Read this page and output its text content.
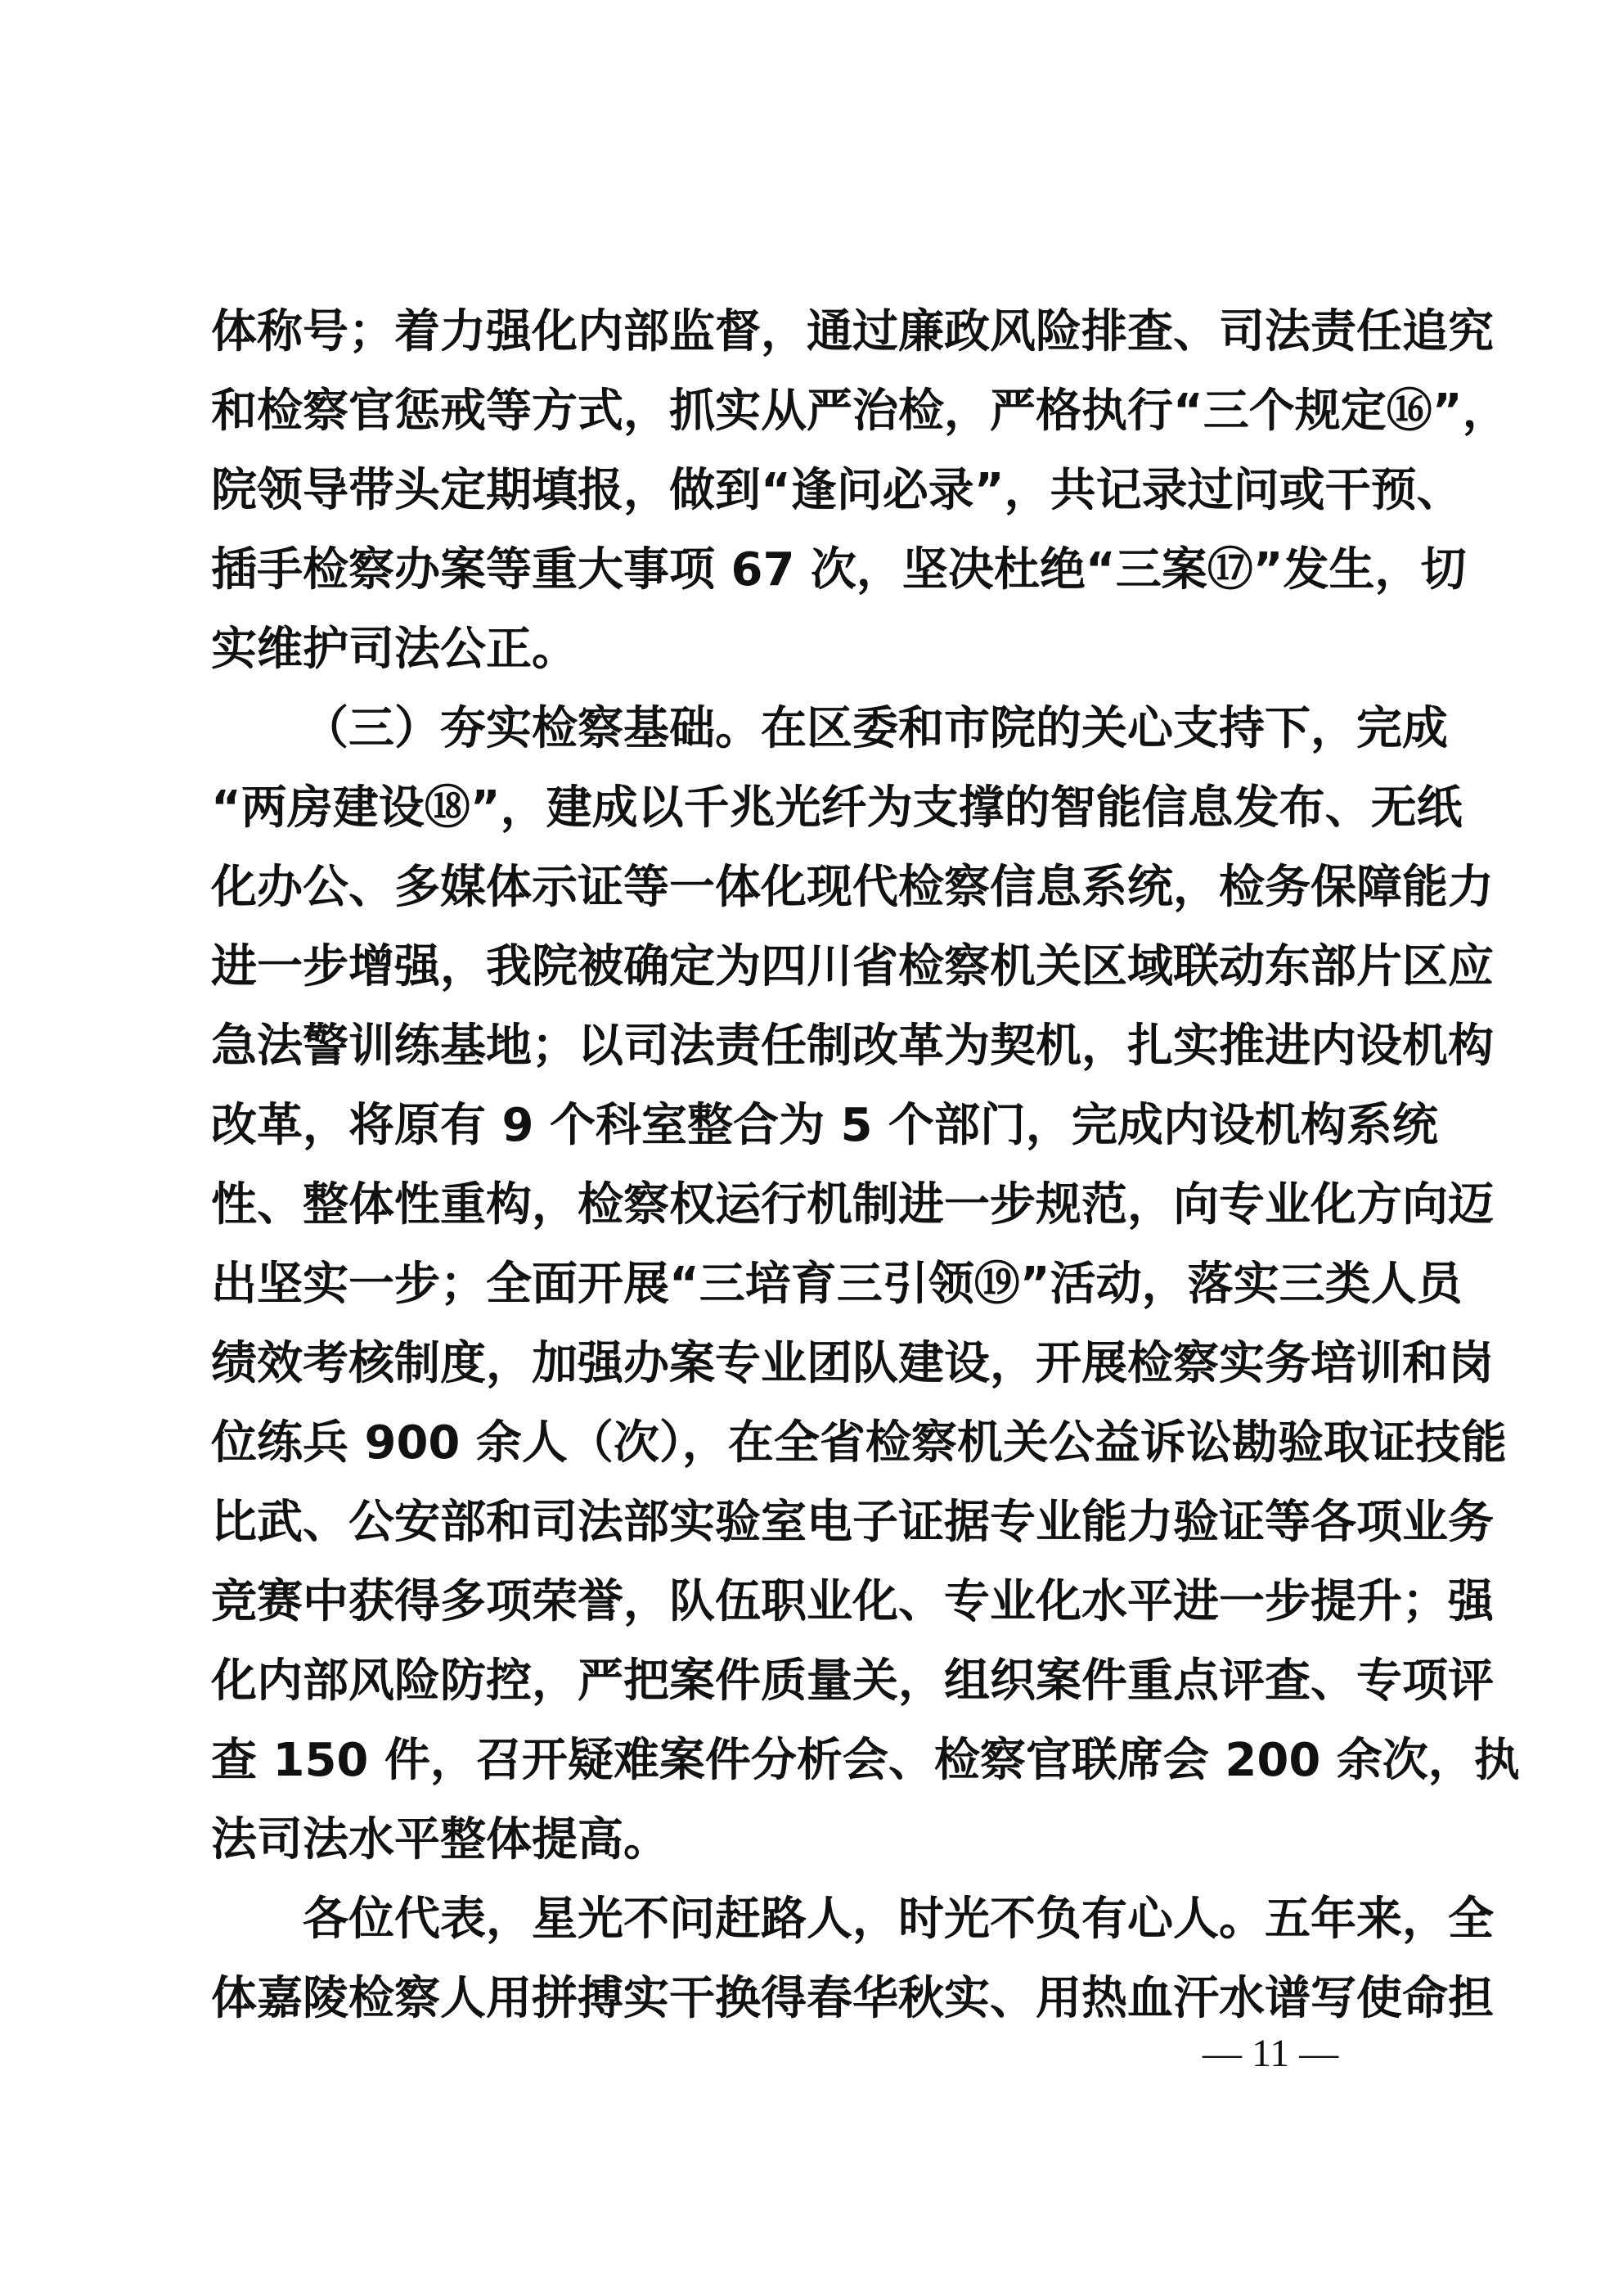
体称号；着力强化内部监督，通过廉政风险排查、司法责任追究
和检察官惩戒等方式，抓实从严治检，严格执行“三个规定⑯”，
院领导带头定期填报，做到“逢问必录”，共记录过问或干预、
插手检察办案等重大事项 67 次，坚决杜绝“三案⑰”发生，切
实维护司法公正。
（三）夯实检察基础。在区委和市院的关心支持下，完成
“两房建设⑱”，建成以千兆光纤为支撑的智能信息发布、无纸
化办公、多媒体示证等一体化现代检察信息系统，检务保障能力
进一步增强，我院被确定为四川省检察机关区域联动东部片区应
急法警训练基地；以司法责任制改革为契机，扎实推进内设机构
改革，将原有 9 个科室整合为 5 个部门，完成内设机构系统
性、整体性重构，检察权运行机制进一步规范，向专业化方向迈
出坚实一步；全面开展“三培育三引领⑲”活动，落实三类人员
绩效考核制度，加强办案专业团队建设，开展检察实务培训和岗
位练兵 900 余人（次），在全省检察机关公益诉讼勘验取证技能
比武、公安部和司法部实验室电子证据专业能力验证等各项业务
竞赛中获得多项荣誉，队伍职业化、专业化水平进一步提升；强
化内部风险防控，严把案件质量关，组织案件重点评查、专项评
查 150 件，召开疑难案件分析会、检察官联席会 200 余次，执
法司法水平整体提高。
各位代表，星光不问赶路人，时光不负有心人。五年来，全
体嘉陵检察人用拼搏实干换得春华秋实、用热血汗水谱写使命担
— 11 —
